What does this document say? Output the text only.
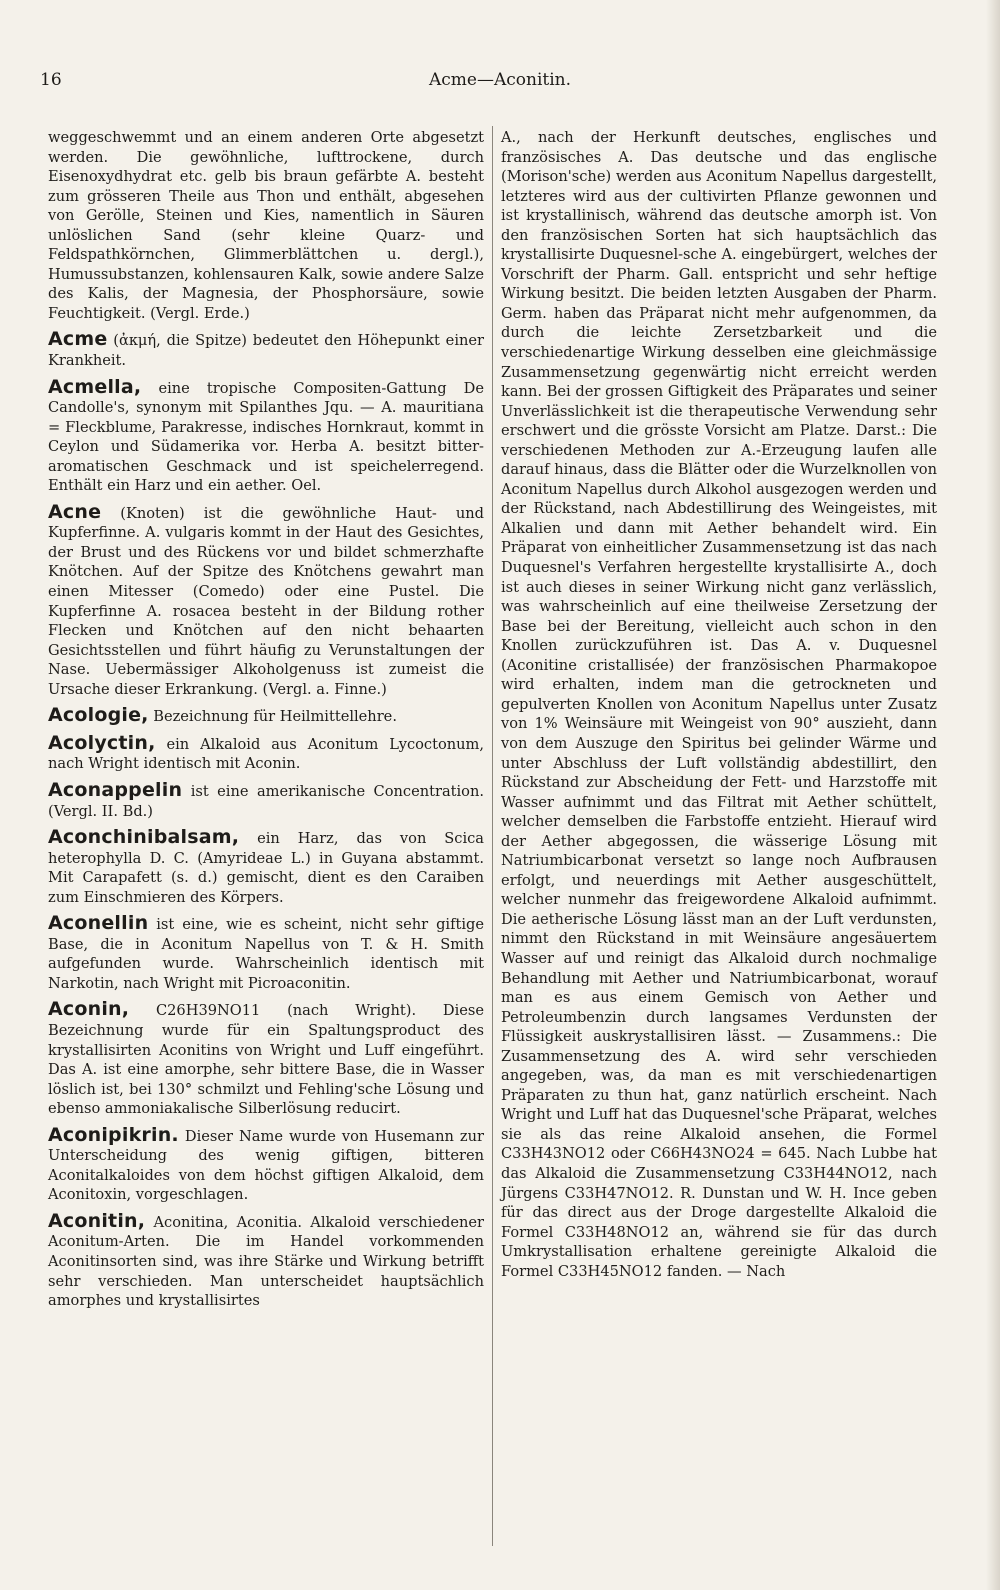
16	Acme—Aconitin.

weggeschwemmt und an einem anderen Orte abgesetzt werden. Die gewöhnliche, lufttrockene, durch Eisenoxydhydrat etc. gelb bis braun gefärbte A. besteht zum grösseren Theile aus Thon und enthält, abgesehen von Gerölle, Steinen und Kies, namentlich in Säuren unlöslichen Sand (sehr kleine Quarz- und Feldspathkörnchen, Glimmerblättchen u. dergl.), Humussubstanzen, kohlensauren Kalk, sowie andere Salze des Kalis, der Magnesia, der Phosphorsäure, sowie Feuchtigkeit. (Vergl. Erde.)

Acme (ἀκμή, die Spitze) bedeutet den Höhepunkt einer Krankheit.

Acmella, eine tropische Compositen-Gattung De Candolle's, synonym mit Spilanthes Jqu. — A. mauritiana = Fleckblume, Parakresse, indisches Hornkraut, kommt in Ceylon und Südamerika vor. Herba A. besitzt bitter-aromatischen Geschmack und ist speichelerregend. Enthält ein Harz und ein aether. Oel.

Acne (Knoten) ist die gewöhnliche Haut- und Kupferfinne. A. vulgaris kommt in der Haut des Gesichtes, der Brust und des Rückens vor und bildet schmerzhafte Knötchen. Auf der Spitze des Knötchens gewahrt man einen Mitesser (Comedo) oder eine Pustel. Die Kupferfinne A. rosacea besteht in der Bildung rother Flecken und Knötchen auf den nicht behaarten Gesichtsstellen und führt häufig zu Verunstaltungen der Nase. Uebermässiger Alkoholgenuss ist zumeist die Ursache dieser Erkrankung. (Vergl. a. Finne.)

Acologie, Bezeichnung für Heilmittellehre.

Acolyctin, ein Alkaloid aus Aconitum Lycoctonum, nach Wright identisch mit Aconin.

Aconappelin ist eine amerikanische Concentration. (Vergl. II. Bd.)

Aconchinibalsam, ein Harz, das von Scica heterophylla D. C. (Amyrideae L.) in Guyana abstammt. Mit Carapafett (s. d.) gemischt, dient es den Caraiben zum Einschmieren des Körpers.

Aconellin ist eine, wie es scheint, nicht sehr giftige Base, die in Aconitum Napellus von T. & H. Smith aufgefunden wurde. Wahrscheinlich identisch mit Narkotin, nach Wright mit Picroaconitin.

Aconin, C26H39NO11 (nach Wright). Diese Bezeichnung wurde für ein Spaltungsproduct des krystallisirten Aconitins von Wright und Luff eingeführt. Das A. ist eine amorphe, sehr bittere Base, die in Wasser löslich ist, bei 130° schmilzt und Fehling'sche Lösung und ebenso ammoniakalische Silberlösung reducirt.

Aconipikrin. Dieser Name wurde von Husemann zur Unterscheidung des wenig giftigen, bitteren Aconitalkaloides von dem höchst giftigen Alkaloid, dem Aconitoxin, vorgeschlagen.

Aconitin, Aconitina, Aconitia. Alkaloid verschiedener Aconitum-Arten. Die im Handel vorkommenden Aconitinsorten sind, was ihre Stärke und Wirkung betrifft sehr verschieden. Man unterscheidet hauptsächlich amorphes und krystallisirtes

A., nach der Herkunft deutsches, englisches und französisches A. Das deutsche und das englische (Morison'sche) werden aus Aconitum Napellus dargestellt, letzteres wird aus der cultivirten Pflanze gewonnen und ist krystallinisch, während das deutsche amorph ist. Von den französischen Sorten hat sich hauptsächlich das krystallisirte Duquesnel-sche A. eingebürgert, welches der Vorschrift der Pharm. Gall. entspricht und sehr heftige Wirkung besitzt. Die beiden letzten Ausgaben der Pharm. Germ. haben das Präparat nicht mehr aufgenommen, da durch die leichte Zersetzbarkeit und die verschiedenartige Wirkung desselben eine gleichmässige Zusammensetzung gegenwärtig nicht erreicht werden kann. Bei der grossen Giftigkeit des Präparates und seiner Unverlässlichkeit ist die therapeutische Verwendung sehr erschwert und die grösste Vorsicht am Platze. Darst.: Die verschiedenen Methoden zur A.-Erzeugung laufen alle darauf hinaus, dass die Blätter oder die Wurzelknollen von Aconitum Napellus durch Alkohol ausgezogen werden und der Rückstand, nach Abdestillirung des Weingeistes, mit Alkalien und dann mit Aether behandelt wird. Ein Präparat von einheitlicher Zusammensetzung ist das nach Duquesnel's Verfahren hergestellte krystallisirte A., doch ist auch dieses in seiner Wirkung nicht ganz verlässlich, was wahrscheinlich auf eine theilweise Zersetzung der Base bei der Bereitung, vielleicht auch schon in den Knollen zurückzuführen ist. Das A. v. Duquesnel (Aconitine cristallisée) der französischen Pharmakopoe wird erhalten, indem man die getrockneten und gepulverten Knollen von Aconitum Napellus unter Zusatz von 1% Weinsäure mit Weingeist von 90° auszieht, dann von dem Auszuge den Spiritus bei gelinder Wärme und unter Abschluss der Luft vollständig abdestillirt, den Rückstand zur Abscheidung der Fett- und Harzstoffe mit Wasser aufnimmt und das Filtrat mit Aether schüttelt, welcher demselben die Farbstoffe entzieht. Hierauf wird der Aether abgegossen, die wässerige Lösung mit Natriumbicarbonat versetzt so lange noch Aufbrausen erfolgt, und neuerdings mit Aether ausgeschüttelt, welcher nunmehr das freigewordene Alkaloid aufnimmt. Die aetherische Lösung lässt man an der Luft verdunsten, nimmt den Rückstand in mit Weinsäure angesäuertem Wasser auf und reinigt das Alkaloid durch nochmalige Behandlung mit Aether und Natriumbicarbonat, worauf man es aus einem Gemisch von Aether und Petroleumbenzin durch langsames Verdunsten der Flüssigkeit auskrystallisiren lässt. — Zusammens.: Die Zusammensetzung des A. wird sehr verschieden angegeben, was, da man es mit verschiedenartigen Präparaten zu thun hat, ganz natürlich erscheint. Nach Wright und Luff hat das Duquesnel'sche Präparat, welches sie als das reine Alkaloid ansehen, die Formel C33H43NO12 oder C66H43NO24 = 645. Nach Lubbe hat das Alkaloid die Zusammensetzung C33H44NO12, nach Jürgens C33H47NO12. R. Dunstan und W. H. Ince geben für das direct aus der Droge dargestellte Alkaloid die Formel C33H48NO12 an, während sie für das durch Umkrystallisation erhaltene gereinigte Alkaloid die Formel C33H45NO12 fanden. — Nach
